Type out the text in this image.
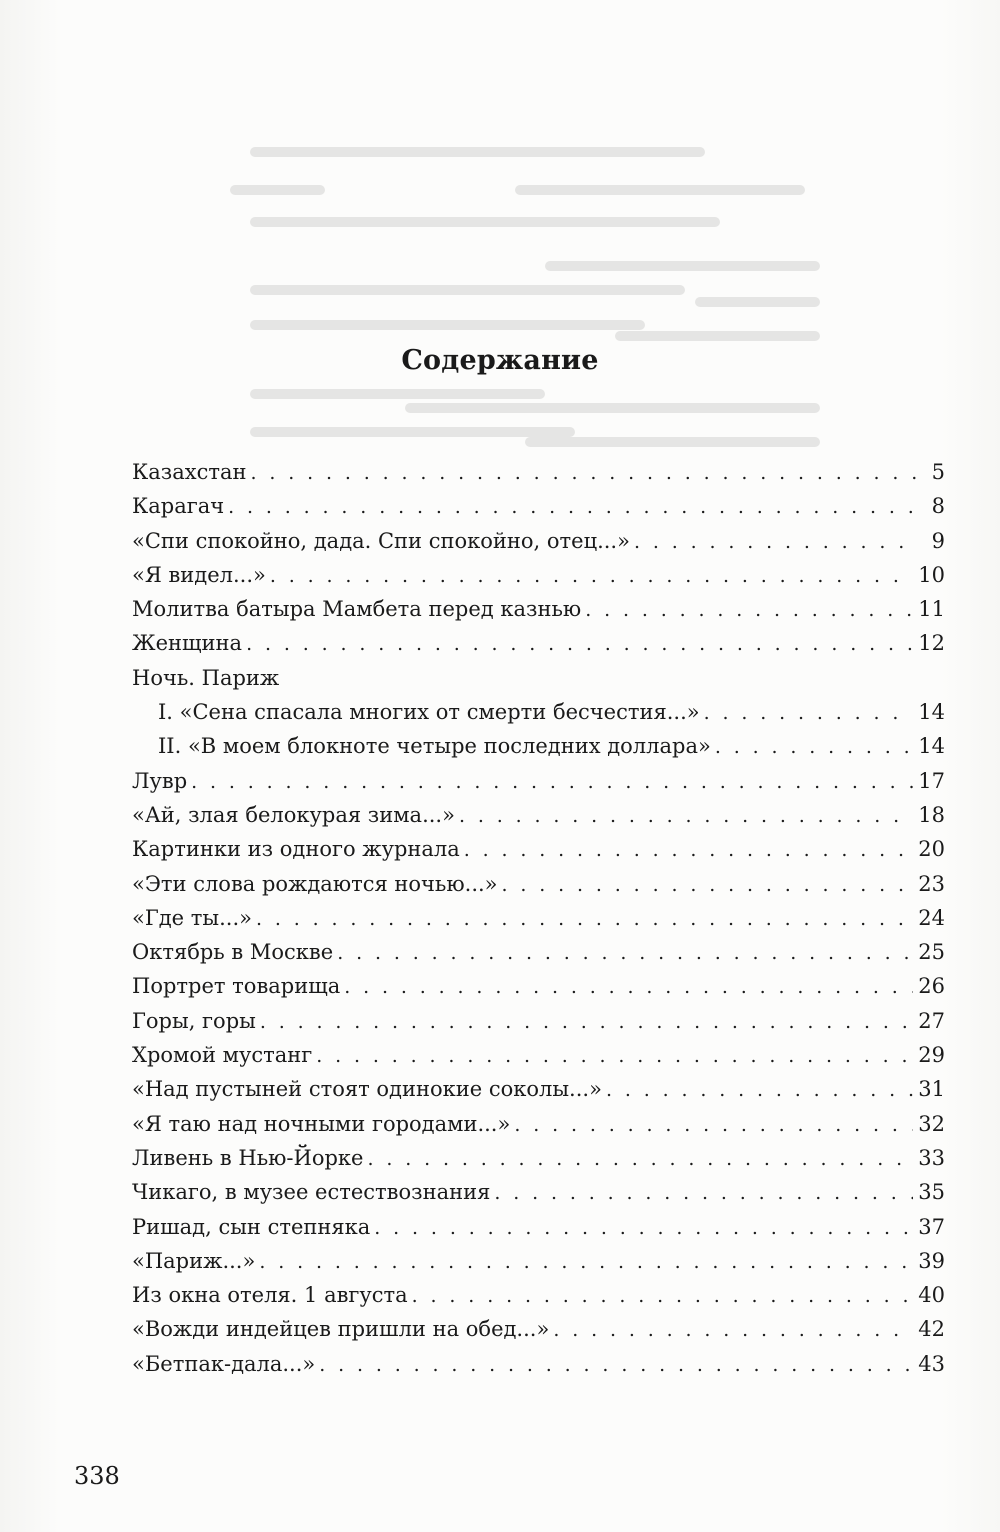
Содержание
Казахстан . . .	5
Карагач . . .	8
«Спи спокойно, дада. Спи спокойно, отец...» . . .	9
«Я видел...» . . .	10
Молитва батыра Мамбета перед казнью . . .	11
Женщина . . .	12
Ночь. Париж
I. «Сена спасала многих от смерти бесчестия...» . . .	14
II. «В моем блокноте четыре последних доллара» . . .	14
Лувр . . .	17
«Ай, злая белокурая зима...» . . .	18
Картинки из одного журнала . . .	20
«Эти слова рождаются ночью...» . . .	23
«Где ты...» . . .	24
Октябрь в Москве . . .	25
Портрет товарища . . .	26
Горы, горы . . .	27
Хромой мустанг . . .	29
«Над пустыней стоят одинокие соколы...» . . .	31
«Я таю над ночными городами...» . . .	32
Ливень в Нью-Йорке . . .	33
Чикаго, в музее естествознания . . .	35
Ришад, сын степняка . . .	37
«Париж...» . . .	39
Из окна отеля. 1 августа . . .	40
«Вожди индейцев пришли на обед...» . . .	42
«Бетпак-дала...» . . .	43
338
